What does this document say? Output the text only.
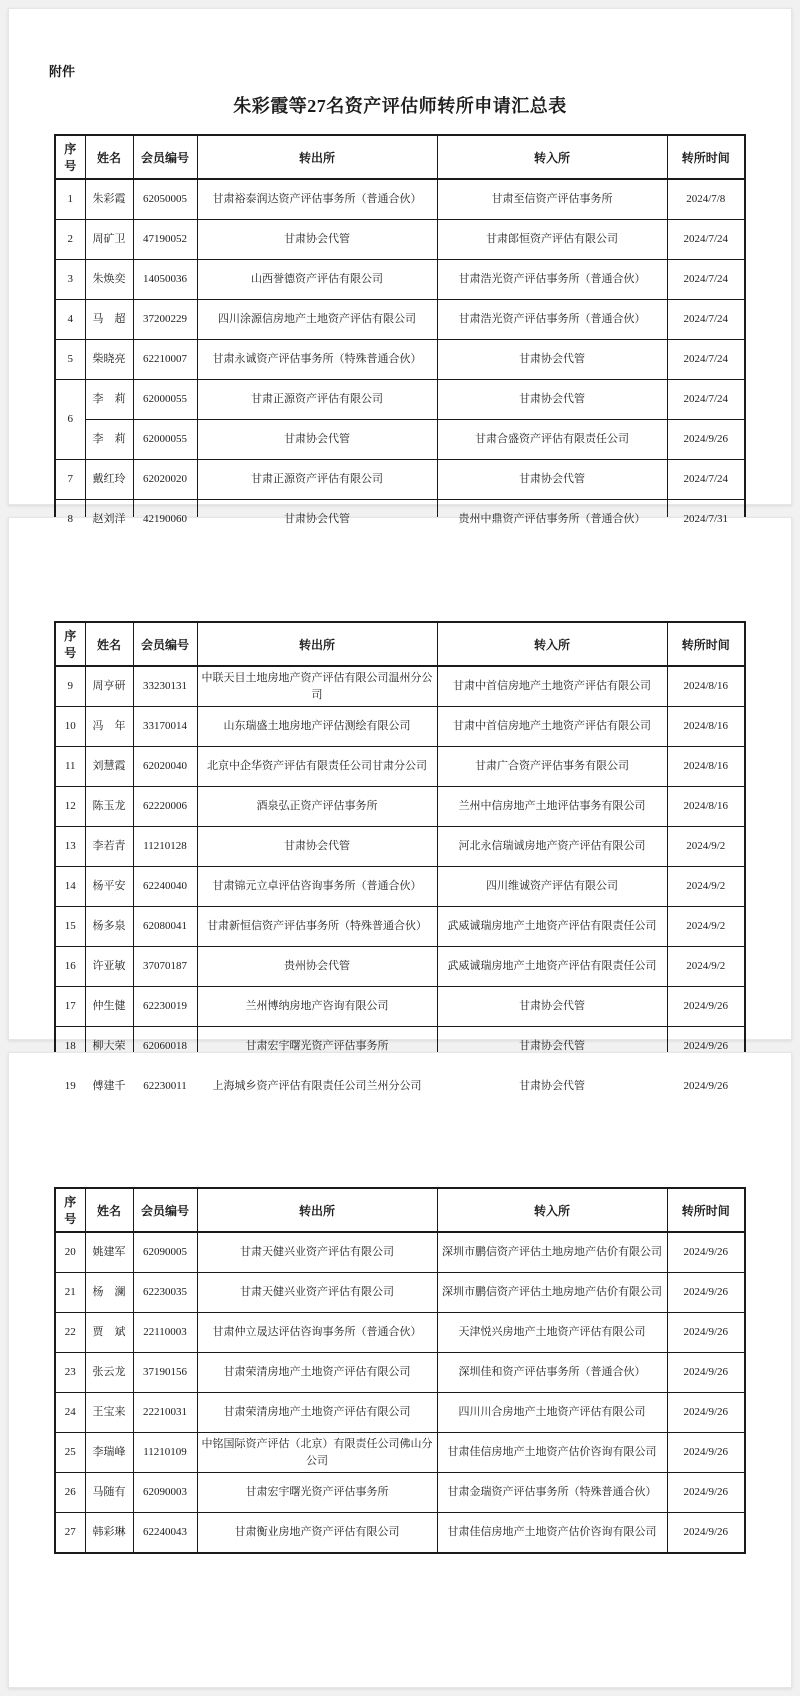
附件
朱彩霞等27名资产评估师转所申请汇总表
序号	姓名	会员编号	转出所	转入所	转所时间
1	朱彩霞	62050005	甘肃裕泰润达资产评估事务所（普通合伙）	甘肃至信资产评估事务所	2024/7/8
2	周矿卫	47190052	甘肃协会代管	甘肃郎恒资产评估有限公司	2024/7/24
3	朱焕奕	14050036	山西誉德资产评估有限公司	甘肃浩光资产评估事务所（普通合伙）	2024/7/24
4	马　超	37200229	四川涂源信房地产土地资产评估有限公司	甘肃浩光资产评估事务所（普通合伙）	2024/7/24
5	柴晓亮	62210007	甘肃永诚资产评估事务所（特殊普通合伙）	甘肃协会代管	2024/7/24
6	李　莉	62000055	甘肃正源资产评估有限公司	甘肃协会代管	2024/7/24
	李　莉	62000055	甘肃协会代管	甘肃合盛资产评估有限责任公司	2024/9/26
7	戴红玲	62020020	甘肃正源资产评估有限公司	甘肃协会代管	2024/7/24
8	赵刘洋	42190060	甘肃协会代管	贵州中鼎资产评估事务所（普通合伙）	2024/7/31
序号	姓名	会员编号	转出所	转入所	转所时间
9	周亨研	33230131	中联天目土地房地产资产评估有限公司温州分公司	甘肃中首信房地产土地资产评估有限公司	2024/8/16
10	冯　年	33170014	山东瑞盛土地房地产评估测绘有限公司	甘肃中首信房地产土地资产评估有限公司	2024/8/16
11	刘慧霞	62020040	北京中企华资产评估有限责任公司甘肃分公司	甘肃广合资产评估事务有限公司	2024/8/16
12	陈玉龙	62220006	酒泉弘正资产评估事务所	兰州中信房地产土地评估事务有限公司	2024/8/16
13	李若青	11210128	甘肃协会代管	河北永信瑞诚房地产资产评估有限公司	2024/9/2
14	杨平安	62240040	甘肃锦元立卓评估咨询事务所（普通合伙）	四川维诚资产评估有限公司	2024/9/2
15	杨多泉	62080041	甘肃新恒信资产评估事务所（特殊普通合伙）	武威诚瑞房地产土地资产评估有限责任公司	2024/9/2
16	许亚敏	37070187	贵州协会代管	武威诚瑞房地产土地资产评估有限责任公司	2024/9/2
17	仲生健	62230019	兰州博纳房地产咨询有限公司	甘肃协会代管	2024/9/26
18	柳大荣	62060018	甘肃宏宇曙光资产评估事务所	甘肃协会代管	2024/9/26
19	傅建千	62230011	上海城乡资产评估有限责任公司兰州分公司	甘肃协会代管	2024/9/26
序号	姓名	会员编号	转出所	转入所	转所时间
20	姚建军	62090005	甘肃天健兴业资产评估有限公司	深圳市鹏信资产评估土地房地产估价有限公司	2024/9/26
21	杨　澜	62230035	甘肃天健兴业资产评估有限公司	深圳市鹏信资产评估土地房地产估价有限公司	2024/9/26
22	贾　斌	22110003	甘肃仲立晟达评估咨询事务所（普通合伙）	天津悦兴房地产土地资产评估有限公司	2024/9/26
23	张云龙	37190156	甘肃荣清房地产土地资产评估有限公司	深圳佳和资产评估事务所（普通合伙）	2024/9/26
24	王宝来	22210031	甘肃荣清房地产土地资产评估有限公司	四川川合房地产土地资产评估有限公司	2024/9/26
25	李瑞峰	11210109	中铭国际资产评估（北京）有限责任公司佛山分公司	甘肃佳信房地产土地资产估价咨询有限公司	2024/9/26
26	马随有	62090003	甘肃宏宇曙光资产评估事务所	甘肃金瑞资产评估事务所（特殊普通合伙）	2024/9/26
27	韩彩琳	62240043	甘肃衡业房地产资产评估有限公司	甘肃佳信房地产土地资产估价咨询有限公司	2024/9/26
